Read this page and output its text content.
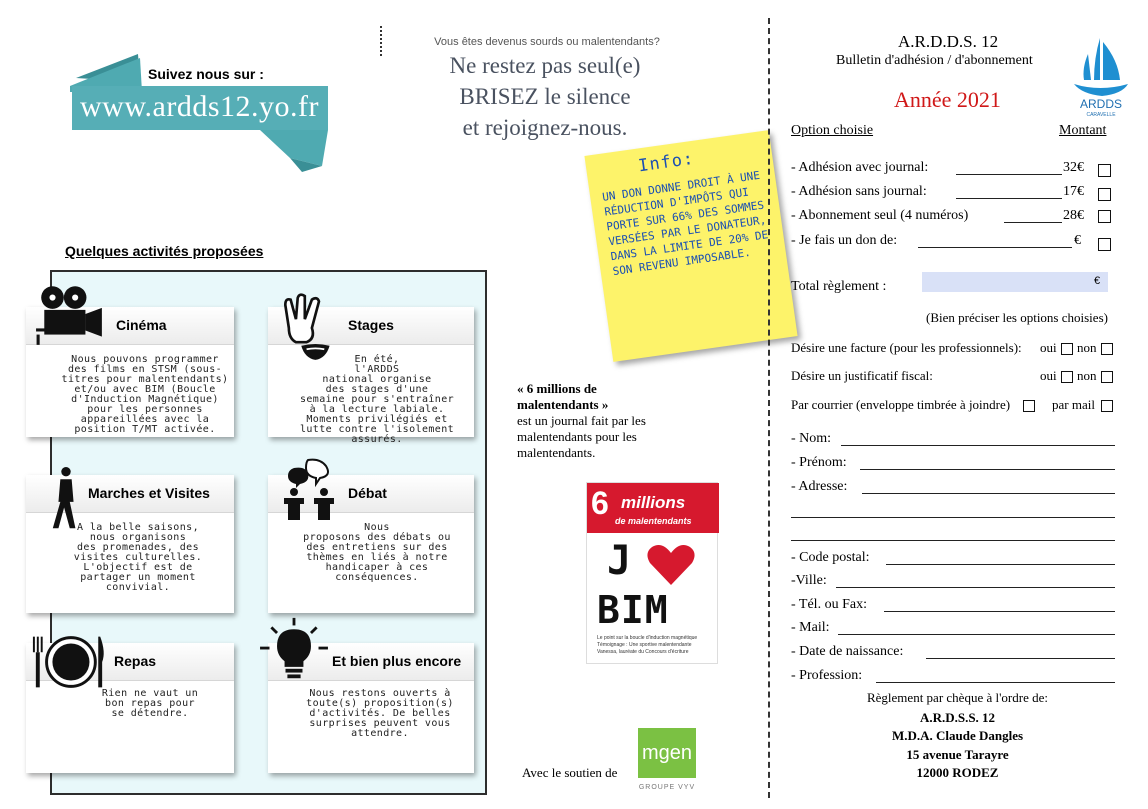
Suivez nous sur :
www.ardds12.yo.fr
Quelques activités proposées
Cinéma
Nous pouvons programmer
des films en STSM (sous-
titres pour malentendants)
et/ou avec BIM (Boucle
d'Induction Magnétique)
pour les personnes
appareillées avec la
position T/MT activée.
Stages
En été,
l'ARDDS
national organise
des stages d'une
semaine pour s'entraîner
à la lecture labiale.
Moments privilégiés et
lutte contre l'isolement
assurés.
Marches et Visites
A la belle saisons,
nous organisons
des promenades, des
visites culturelles.
L'objectif est de
partager un moment
convivial.
Débat
Nous
proposons des débats ou
des entretiens sur des
thèmes en liés à notre
handicaper à ces
conséquences.
Repas
Rien ne vaut un
bon repas pour
se détendre.
Et bien plus encore
Nous restons ouverts à
toute(s) proposition(s)
d'activités. De belles
surprises peuvent vous
attendre.
Vous êtes devenus sourds ou malentendants?
Ne restez pas seul(e)
BRISEZ le silence
et rejoignez-nous.
Info:
UN DON DONNE DROIT À UNE RÉDUCTION D'IMPÔTS QUI PORTE SUR 66% DES SOMMES VERSÉES PAR LE DONATEUR, DANS LA LIMITE DE 20% DE SON REVENU IMPOSABLE.
« 6 millions de malentendants »
est un journal fait par les malentendants pour les malentendants.
6 millions
de malentendants
J
BIM
Le point sur la boucle d'induction magnétique
Témoignage : Une sportive malentendante
Vanessa, lauréate du Concours d'écriture
Avec le soutien de
mgen
GROUPE VYV
A.R.D.D.S. 12
Bulletin d'adhésion / d'abonnement
Année 2021	ARDDS
CARAVELLE
Option choisie	Montant
- Adhésion avec journal:	32€
- Adhésion sans journal:	17€
- Abonnement seul (4 numéros)	28€
- Je fais un don de:	€
Total règlement :	€
(Bien préciser les options choisies)
Désire une facture (pour les professionnels): oui non
Désire un justificatif fiscal:	oui non
Par courrier (enveloppe timbrée à joindre)	par mail
- Nom:
- Prénom:
- Adresse:
- Code postal:
-Ville:
- Tél. ou Fax:
- Mail:
- Date de naissance:
- Profession:
Règlement par chèque à l'ordre de:
A.R.D.S.S. 12
M.D.A. Claude Dangles
15 avenue Tarayre
12000 RODEZ
